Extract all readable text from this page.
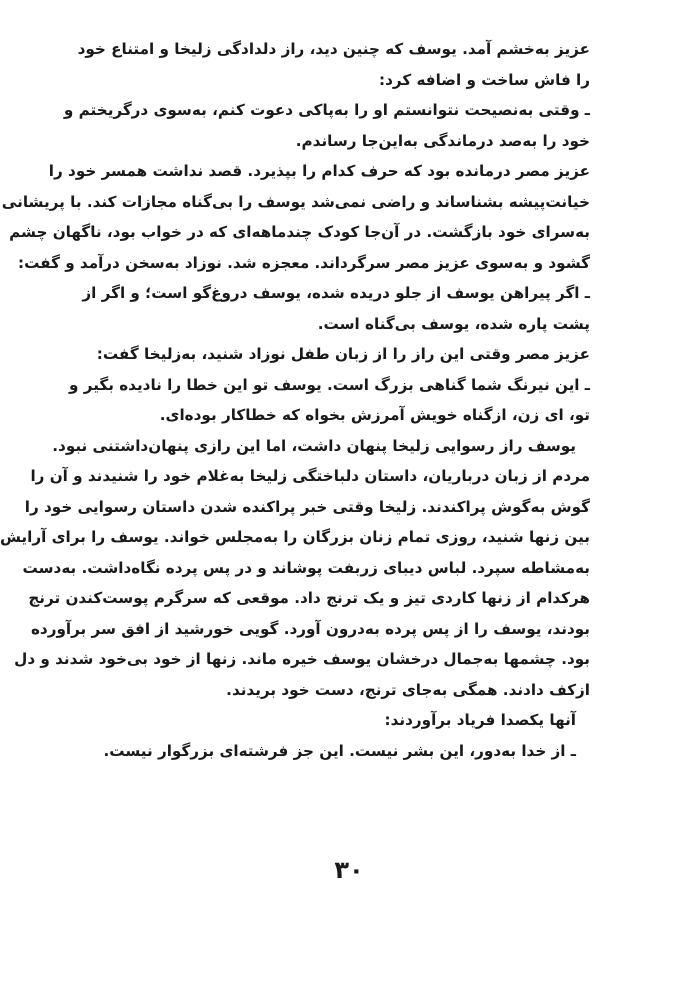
عزیز به‌خشم آمد. یوسف که چنین دید، راز دلدادگی زلیخا و امتناع خود
را فاش ساخت و اضافه کرد:
ـ وقتی به‌نصیحت نتوانستم او را به‌پاکی دعوت کنم، به‌سوی درگریختم و
خود را به‌صد درماندگی به‌این‌جا رساندم.
عزیز مصر درمانده بود که حرف کدام را بپذیرد. قصد نداشت همسر خود را
خیانت‌پیشه بشناساند و راضی نمی‌شد یوسف را بی‌گناه مجازات کند. با پریشانی
به‌سرای خود بازگشت. در آن‌جا کودک چندماهه‌ای که در خواب بود، ناگهان چشم
گشود و به‌سوی عزیز مصر سرگرداند. معجزه شد. نوزاد به‌سخن درآمد و گفت:
ـ اگر پیراهن یوسف از جلو دریده شده، یوسف دروغ‌گو است؛ و اگر از
پشت پاره شده، یوسف بی‌گناه است.
عزیز مصر وقتی این راز را از زبان طفل نوزاد شنید، به‌زلیخا گفت:
ـ این نیرنگ شما گناهی بزرگ است. یوسف تو این خطا را نادیده بگیر و
تو، ای زن، ازگناه خویش آمرزش بخواه که خطاکار بوده‌ای.
یوسف راز رسوایی زلیخا پنهان داشت، اما این رازی پنهان‌داشتنی نبود.
مردم از زبان درباریان، داستان دلباختگی زلیخا به‌غلام خود را شنیدند و آن را
گوش به‌گوش پراکندند. زلیخا وقتی خبر پراکنده شدن داستان رسوایی خود را
بین زنها شنید، روزی تمام زنان بزرگان را به‌مجلس خواند. یوسف را برای آرایش
به‌مشاطه سپرد. لباس دیبای زربفت پوشاند و در پس پرده نگاه‌داشت. به‌دست
هرکدام از زنها کاردی تیز و یک ترنج داد. موقعی که سرگرم پوست‌کندن ترنج
بودند، یوسف را از پس پرده به‌درون آورد. گویی خورشید از افق سر برآورده
بود. چشمها به‌جمال درخشان یوسف خیره ماند. زنها از خود بی‌خود شدند و دل
ازکف دادند. همگی به‌جای ترنج، دست خود بریدند.
آنها یکصدا فریاد برآوردند:
ـ از خدا به‌دور، این بشر نیست. این جز فرشته‌ای بزرگوار نیست.
۳۰
